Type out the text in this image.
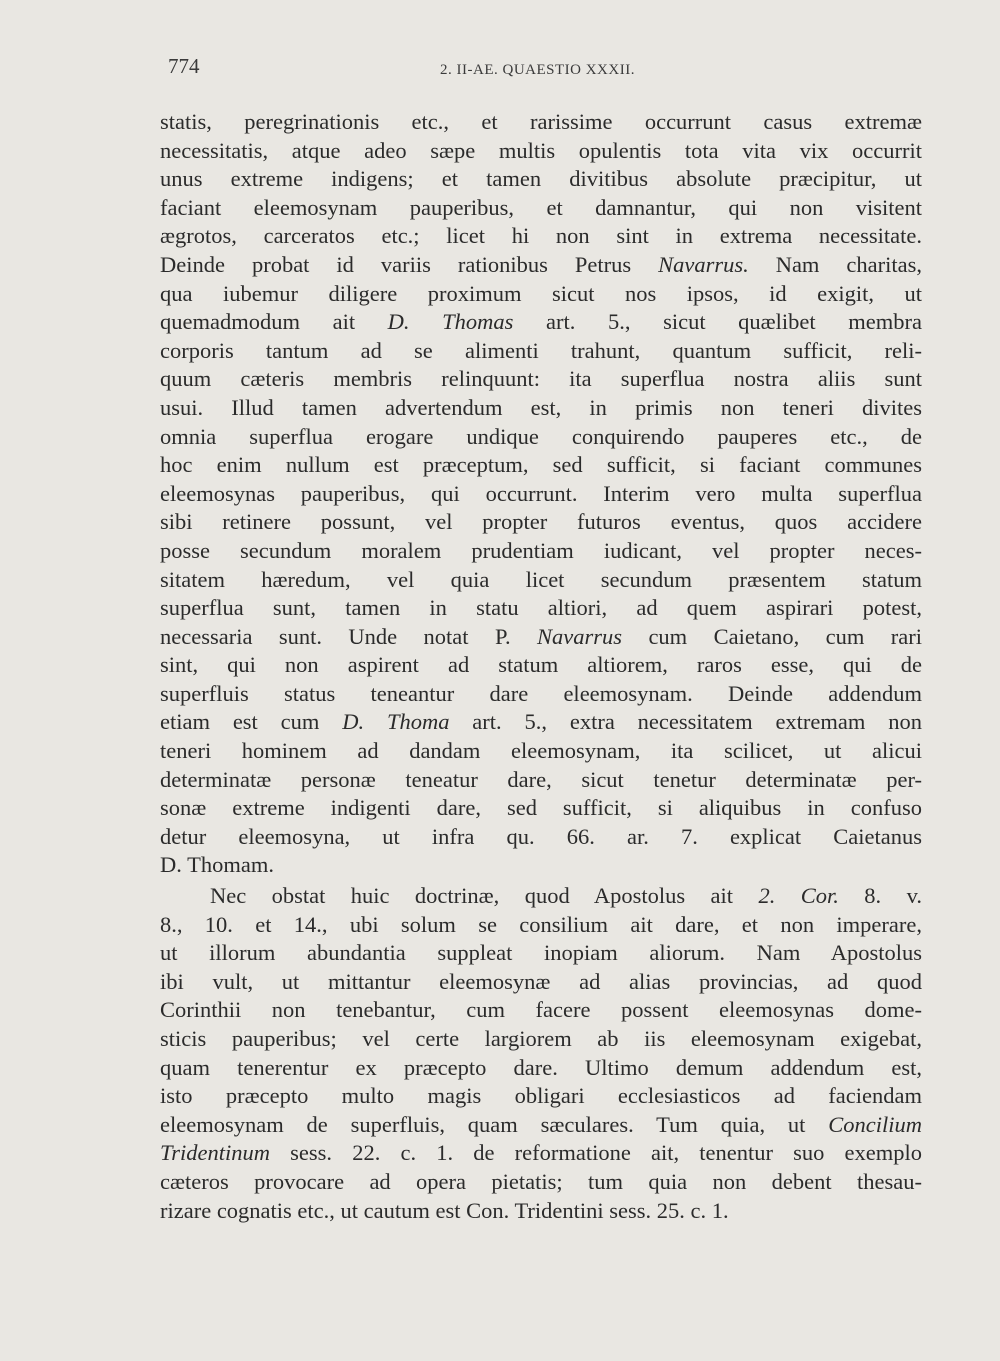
774	2. II-AE. QUAESTIO XXXII.
statis, peregrinationis etc., et rarissime occurrunt casus extremæ
necessitatis, atque adeo sæpe multis opulentis tota vita vix occurrit
unus extreme indigens; et tamen divitibus absolute præcipitur, ut
faciant eleemosynam pauperibus, et damnantur, qui non visitent
ægrotos, carceratos etc.; licet hi non sint in extrema necessitate.
Deinde probat id variis rationibus Petrus Navarrus. Nam charitas,
qua iubemur diligere proximum sicut nos ipsos, id exigit, ut
quemadmodum ait D. Thomas art. 5., sicut quælibet membra
corporis tantum ad se alimenti trahunt, quantum sufficit, reli-
quum cæteris membris relinquunt: ita superflua nostra aliis sunt
usui. Illud tamen advertendum est, in primis non teneri divites
omnia superflua erogare undique conquirendo pauperes etc., de
hoc enim nullum est præceptum, sed sufficit, si faciant communes
eleemosynas pauperibus, qui occurrunt. Interim vero multa superflua
sibi retinere possunt, vel propter futuros eventus, quos accidere
posse secundum moralem prudentiam iudicant, vel propter neces-
sitatem hæredum, vel quia licet secundum præsentem statum
superflua sunt, tamen in statu altiori, ad quem aspirari potest,
necessaria sunt. Unde notat P. Navarrus cum Caietano, cum rari
sint, qui non aspirent ad statum altiorem, raros esse, qui de
superfluis status teneantur dare eleemosynam. Deinde addendum
etiam est cum D. Thoma art. 5., extra necessitatem extremam non
teneri hominem ad dandam eleemosynam, ita scilicet, ut alicui
determinatæ personæ teneatur dare, sicut tenetur determinatæ per-
sonæ extreme indigenti dare, sed sufficit, si aliquibus in confuso
detur eleemosyna, ut infra qu. 66. ar. 7. explicat Caietanus
D. Thomam.
Nec obstat huic doctrinæ, quod Apostolus ait 2. Cor. 8. v.
8., 10. et 14., ubi solum se consilium ait dare, et non imperare,
ut illorum abundantia suppleat inopiam aliorum. Nam Apostolus
ibi vult, ut mittantur eleemosynæ ad alias provincias, ad quod
Corinthii non tenebantur, cum facere possent eleemosynas dome-
sticis pauperibus; vel certe largiorem ab iis eleemosynam exigebat,
quam tenerentur ex præcepto dare. Ultimo demum addendum est,
isto præcepto multo magis obligari ecclesiasticos ad faciendam
eleemosynam de superfluis, quam sæculares. Tum quia, ut Concilium
Tridentinum sess. 22. c. 1. de reformatione ait, tenentur suo exemplo
cæteros provocare ad opera pietatis; tum quia non debent thesau-
rizare cognatis etc., ut cautum est Con. Tridentini sess. 25. c. 1.
